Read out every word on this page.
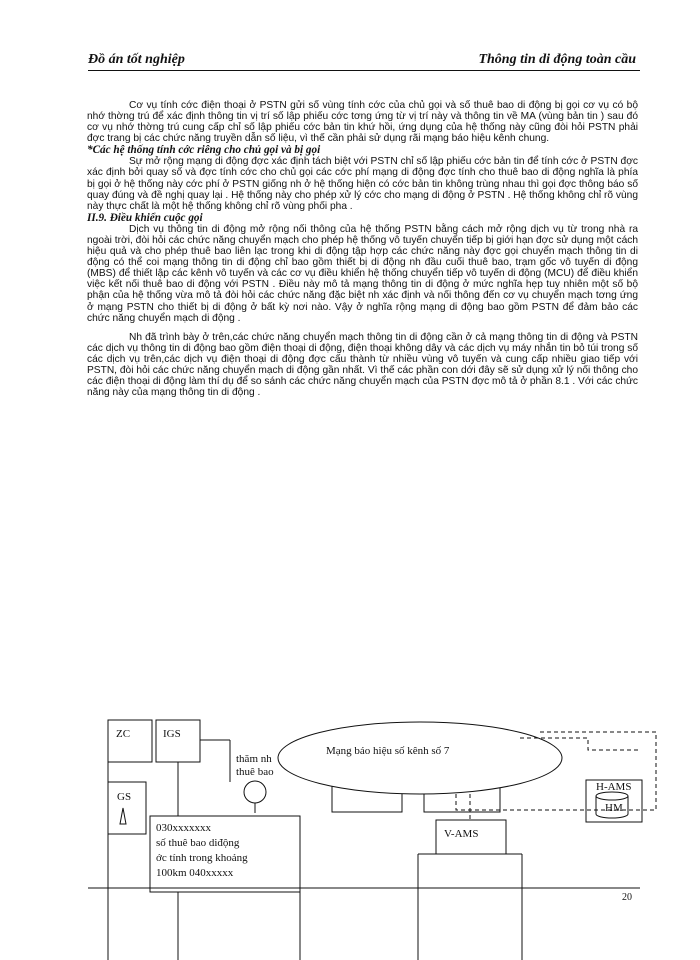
Đồ án tốt nghiệp	Thông tin di động toàn cầu

Cơ vụ tính cớc điện thoại ở PSTN gửi số vùng tính cớc của chủ gọi và số thuê bao di động bị gọi cơ vụ có bộ nhớ thờng trú để xác định thông tin vị trí số lập phiếu cớc tơng ứng từ vị trí này và thông tin về MA (vùng bản tin ) sau đó cơ vụ nhớ thờng trú cung cấp chỉ số lập phiếu cớc bản tin khứ hồi, ứng dụng của hệ thống này cũng đòi hỏi PSTN phải đợc trang bị các chức năng truyền dẫn số liệu, vì thế cần phải sử dụng rãi mạng báo hiệu kênh chung.

*Các hệ thống tính cớc riêng cho chủ gọi và bị gọi

Sự mở rộng mạng di động đợc xác định tách biệt với PSTN chỉ số lập phiếu cớc bản tin để tính cớc ở PSTN đợc xác định bởi quay số và đợc tính cớc cho chủ gọi các cớc phí mạng di động đợc tính cho thuê bao di động nghĩa là phía bị gọi ở hệ thống này cớc phí ở PSTN giống nh ở hệ thống hiện có cớc bản tin không trùng nhau thì gọi đợc thông báo số quay đúng và đề nghị quay lại . Hệ thống này cho phép xử lý cớc cho mạng di động ở PSTN . Hệ thống không chỉ rõ vùng này thực chất là một hệ thống không chỉ rõ vùng phối pha .

II.9. Điều khiển cuộc gọi

Dịch vụ thông tin di động mở rộng nối thông của hệ thống PSTN bằng cách mở rộng dịch vụ từ trong nhà ra ngoài trời, đòi hỏi các chức năng chuyển mạch cho phép hệ thống vô tuyến chuyển tiếp bị giới hạn đợc sử dụng một cách hiệu quả và cho phép thuê bao liên lạc trong khi di động tập hợp các chức năng này đợc gọi chuyển mạch thông tin di động có thể coi mạng thông tin di động chỉ bao gồm thiết bị di động nh đầu cuối thuê bao, trạm gốc vô tuyến di động (MBS) để thiết lập các kênh vô tuyến và các cơ vụ điều khiển hệ thống chuyển tiếp vô tuyến di động (MCU) để điều khiển việc kết nối thuê bao di động với PSTN . Điều này mô tả mạng thông tin di động ở mức nghĩa hẹp tuy nhiên một số bộ phận của hệ thống vừa mô tả đòi hỏi các chức năng đặc biệt nh xác định và nối thông đến cơ vụ chuyển mạch tơng ứng ở mạng PSTN cho thiết bị di động ở bất kỳ nơi nào. Vậy ở nghĩa rộng mạng di động bao gồm PSTN để đảm bảo các chức năng chuyển mạch di động .

Nh đã trình bày ở trên,các chức năng chuyển mạch thông tin di động cần ở cả mạng thông tin di động và PSTN các dịch vụ thông tin di động bao gồm điện thoại di động, điện thoại không dây và các dịch vụ máy nhắn tin bỏ túi trong số các dịch vụ trên,các dịch vụ điện thoại di động đợc cấu thành từ nhiều vùng vô tuyến và cung cấp nhiều giao tiếp với PSTN, đòi hỏi các chức năng chuyển mạch di động gần nhất. Vì thế các phần con dới đây sẽ sử dụng xử lý nối thông cho các điện thoại di động làm thí dụ để so sánh các chức năng chuyển mạch của PSTN đợc mô tả ở phần 8.1 . Với các chức năng này của mạng thông tin di động .

ZC	IGS
GS
thăm nh
thuê bao
Mạng báo hiệu số kênh số 7
H-AMS
HM
V-AMS
030xxxxxxx
số thuê bao diđộng
ớc tính trong khoảng
100km 040xxxxx
20
